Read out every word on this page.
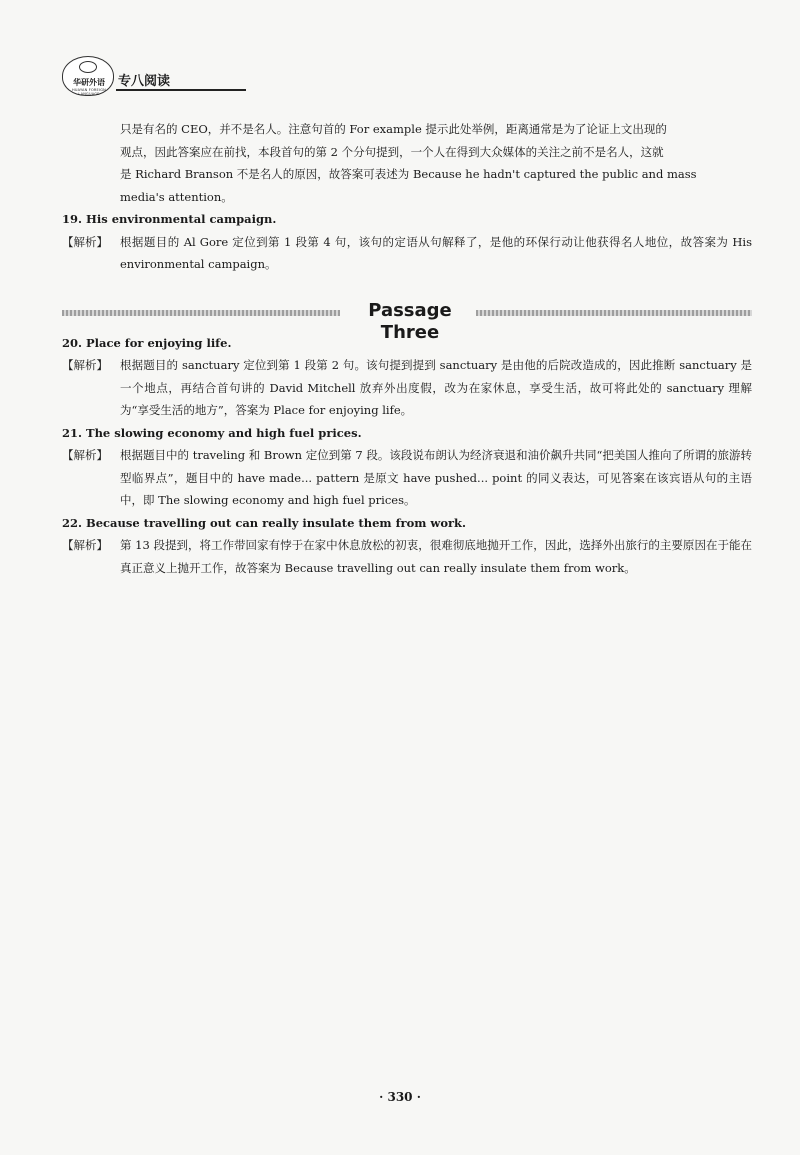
华研外语
HUAYAN FOREIGN LANGUAGE
专八阅读

只是有名的 CEO，并不是名人。注意句首的 For example 提示此处举例，距离通常是为了论证上文出现的

观点，因此答案应在前找，本段首句的第 2 个分句提到，一个人在得到大众媒体的关注之前不是名人，这就

是 Richard Branson 不是名人的原因，故答案可表述为 Because he hadn't captured the public and mass

media's attention。

19. His environmental campaign.

【解析】 根据题目的 Al Gore 定位到第 1 段第 4 句，该句的定语从句解释了，是他的环保行动让他获得名人地位，故答案为 His environmental campaign。
Passage Three

20. Place for enjoying life.

【解析】 根据题目的 sanctuary 定位到第 1 段第 2 句。该句提到提到 sanctuary 是由他的后院改造成的，因此推断 sanctuary 是一个地点，再结合首句讲的 David Mitchell 放弃外出度假，改为在家休息，享受生活，故可将此处的 sanctuary 理解为“享受生活的地方”，答案为 Place for enjoying life。

21. The slowing economy and high fuel prices.

【解析】 根据题目中的 traveling 和 Brown 定位到第 7 段。该段说布朗认为经济衰退和油价飙升共同“把美国人推向了所谓的旅游转型临界点”，题目中的 have made... pattern 是原文 have pushed... point 的同义表达，可见答案在该宾语从句的主语中，即 The slowing economy and high fuel prices。

22. Because travelling out can really insulate them from work.

【解析】 第 13 段提到，将工作带回家有悖于在家中休息放松的初衷，很难彻底地抛开工作，因此，选择外出旅行的主要原因在于能在真正意义上抛开工作，故答案为 Because travelling out can really insulate them from work。
· 330 ·
